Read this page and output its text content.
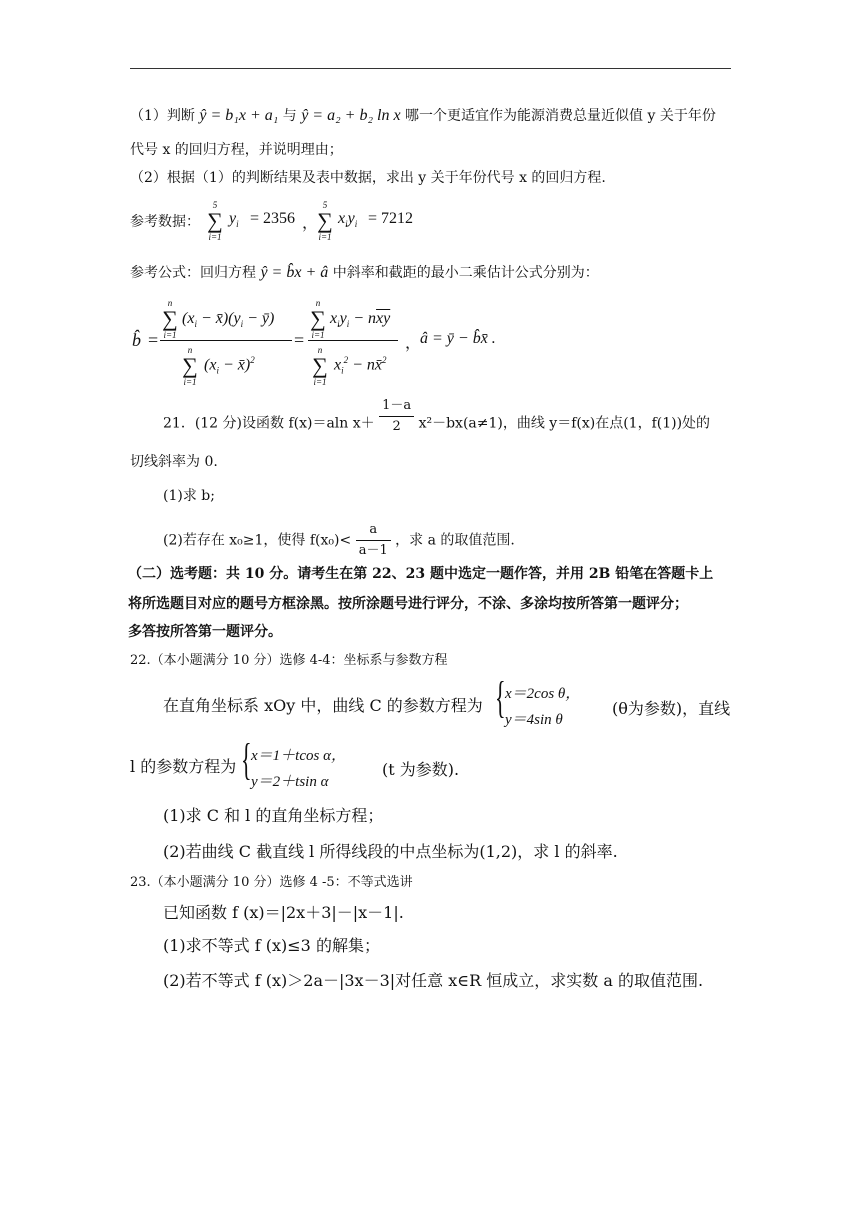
（1）判断 ŷ = b₁x + a₁ 与 ŷ = a₂ + b₂ ln x 哪一个更适宜作为能源消费总量近似值 y 关于年份
代号 x 的回归方程，并说明理由；
（2）根据（1）的判断结果及表中数据，求出 y 关于年份代号 x 的回归方程.
参考数据：
5
∑
i=1
$y_i = 2356$ ，
5
∑
i=1
$x_iy_i = 7212$
参考公式：回归方程 ŷ = b̂x + â 中斜率和截距的最小二乘估计公式分别为：
b̂ =
n
∑
i=1
($x_i$ − $x̄)(y_i$ − ȳ)
n
∑
i=1
($x_i$ − x̄)$^2$
=
n
∑
i=1
$x_iy_i - n\overline{xy}$
n
∑
i=1
$x_i^2$ − nx̄$^2$
，
â = ȳ − b̂x̄ .
21．(12 分)设函数 f(x)＝aln $x+ \frac{1-a}{2} x^2-bx(a\ne 1)$，曲线 y＝f(x)在点(1，f(1))处的
切线斜率为 0.
(1)求 b;
(2)若存在 x₀≥1，使得 $f(x_0)< \frac{a}{a-1}$ ，求 a 的取值范围.
（二）选考题：共 10 分。请考生在第 22、23 题中选定一题作答，并用 2B 铅笔在答题卡上
将所选题目对应的题号方框涂黑。按所涂题号进行评分，不涂、多涂均按所答第一题评分；
多答按所答第一题评分。
22.（本小题满分 10 分）选修 4-4：坐标系与参数方程
在直角坐标系 xOy 中，曲线 C 的参数方程为 { x＝2cos θ，
y＝4sin θ
(θ为参数)，直线
l 的参数方程为 { x＝1＋tcos α，
y＝2＋tsin α
(t 为参数).
(1)求 C 和 l 的直角坐标方程；
(2)若曲线 C 截直线 l 所得线段的中点坐标为(1,2)，求 l 的斜率.
23.（本小题满分 10 分）选修 4 -5：不等式选讲
已知函数 f (x)＝|2x＋3|－|x－1|.
(1)求不等式 f (x)≤3 的解集；
(2)若不等式 f (x)＞2a－|3x－3|对任意 x∈R 恒成立，求实数 a 的取值范围.
